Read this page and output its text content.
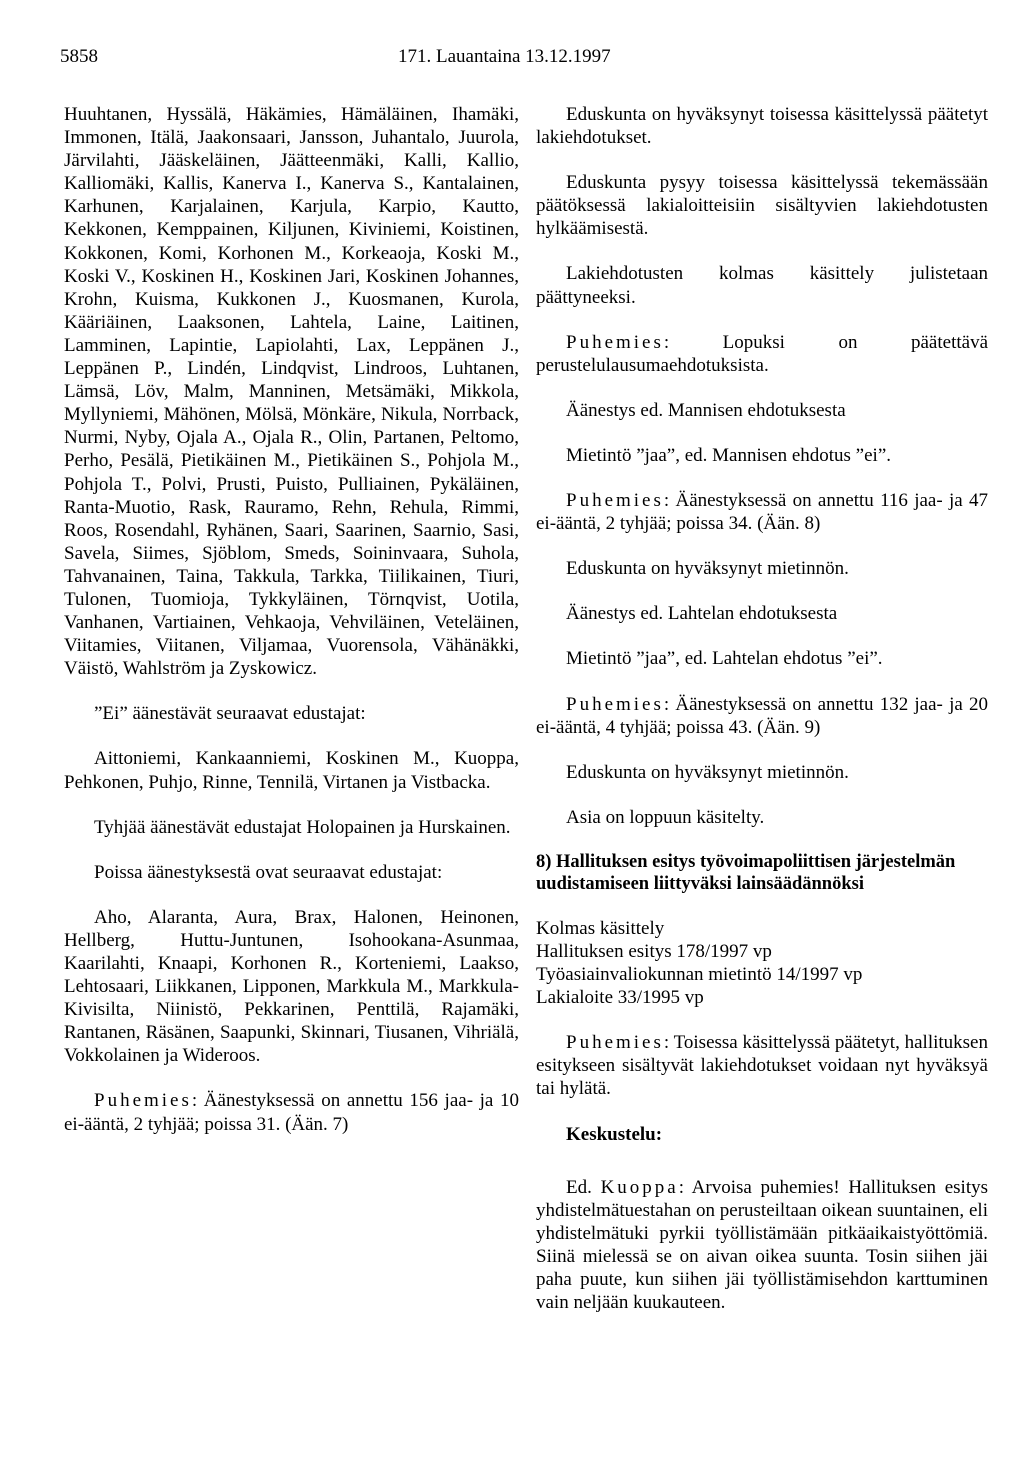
5858	171. Lauantaina 13.12.1997

Huuhtanen, Hyssälä, Häkämies, Hämäläinen, Ihamäki, Immonen, Itälä, Jaakonsaari, Jansson, Juhantalo, Juurola, Järvilahti, Jääskeläinen, Jäätteenmäki, Kalli, Kallio, Kalliomäki, Kallis, Kanerva I., Kanerva S., Kantalainen, Karhunen, Karjalainen, Karjula, Karpio, Kautto, Kekkonen, Kemppainen, Kiljunen, Kiviniemi, Koistinen, Kokkonen, Komi, Korhonen M., Korkeaoja, Koski M., Koski V., Koskinen H., Koskinen Jari, Koskinen Johannes, Krohn, Kuisma, Kukkonen J., Kuosmanen, Kurola, Kääriäinen, Laaksonen, Lahtela, Laine, Laitinen, Lamminen, Lapintie, Lapiolahti, Lax, Leppänen J., Leppänen P., Lindén, Lindqvist, Lindroos, Luhtanen, Lämsä, Löv, Malm, Manninen, Metsämäki, Mikkola, Myllyniemi, Mähönen, Mölsä, Mönkäre, Nikula, Norrback, Nurmi, Nyby, Ojala A., Ojala R., Olin, Partanen, Peltomo, Perho, Pesälä, Pietikäinen M., Pietikäinen S., Pohjola M., Pohjola T., Polvi, Prusti, Puisto, Pulliainen, Pykäläinen, Ranta-Muotio, Rask, Rauramo, Rehn, Rehula, Rimmi, Roos, Rosendahl, Ryhänen, Saari, Saarinen, Saarnio, Sasi, Savela, Siimes, Sjöblom, Smeds, Soininvaara, Suhola, Tahvanainen, Taina, Takkula, Tarkka, Tiilikainen, Tiuri, Tulonen, Tuomioja, Tykkyläinen, Törnqvist, Uotila, Vanhanen, Vartiainen, Vehkaoja, Vehviläinen, Veteläinen, Viitamies, Viitanen, Viljamaa, Vuorensola, Vähänäkki, Väistö, Wahlström ja Zyskowicz.

”Ei” äänestävät seuraavat edustajat:

Aittoniemi, Kankaanniemi, Koskinen M., Kuoppa, Pehkonen, Puhjo, Rinne, Tennilä, Virtanen ja Vistbacka.

Tyhjää äänestävät edustajat Holopainen ja Hurskainen.

Poissa äänestyksestä ovat seuraavat edustajat:

Aho, Alaranta, Aura, Brax, Halonen, Heinonen, Hellberg, Huttu-Juntunen, Isohookana-Asunmaa, Kaarilahti, Knaapi, Korhonen R., Korteniemi, Laakso, Lehtosaari, Liikkanen, Lipponen, Markkula M., Markkula-Kivisilta, Niinistö, Pekkarinen, Penttilä, Rajamäki, Rantanen, Räsänen, Saapunki, Skinnari, Tiusanen, Vihriälä, Vokkolainen ja Wideroos.

Puhemies: Äänestyksessä on annettu 156 jaa- ja 10 ei-ääntä, 2 tyhjää; poissa 31. (Ään. 7)

Eduskunta on hyväksynyt toisessa käsittelyssä päätetyt lakiehdotukset.

Eduskunta pysyy toisessa käsittelyssä tekemässään päätöksessä lakialoitteisiin sisältyvien lakiehdotusten hylkäämisestä.

Lakiehdotusten kolmas käsittely julistetaan päättyneeksi.

Puhemies: Lopuksi on päätettävä perustelulausumaehdotuksista.

Äänestys ed. Mannisen ehdotuksesta

Mietintö ”jaa”, ed. Mannisen ehdotus ”ei”.

Puhemies: Äänestyksessä on annettu 116 jaa- ja 47 ei-ääntä, 2 tyhjää; poissa 34. (Ään. 8)

Eduskunta on hyväksynyt mietinnön.

Äänestys ed. Lahtelan ehdotuksesta

Mietintö ”jaa”, ed. Lahtelan ehdotus ”ei”.

Puhemies: Äänestyksessä on annettu 132 jaa- ja 20 ei-ääntä, 4 tyhjää; poissa 43. (Ään. 9)

Eduskunta on hyväksynyt mietinnön.

Asia on loppuun käsitelty.

8) Hallituksen esitys työvoimapoliittisen järjestelmän uudistamiseen liittyväksi lainsäädännöksi

Kolmas käsittely

Hallituksen esitys 178/1997 vp

Työasiainvaliokunnan mietintö 14/1997 vp

Lakialoite 33/1995 vp

Puhemies: Toisessa käsittelyssä päätetyt, hallituksen esitykseen sisältyvät lakiehdotukset voidaan nyt hyväksyä tai hylätä.

Keskustelu:

Ed. Kuoppa: Arvoisa puhemies! Hallituksen esitys yhdistelmätuestahan on perusteiltaan oikean suuntainen, eli yhdistelmätuki pyrkii työllistämään pitkäaikaistyöttömiä. Siinä mielessä se on aivan oikea suunta. Tosin siihen jäi paha puute, kun siihen jäi työllistämisehdon karttuminen vain neljään kuukauteen.
